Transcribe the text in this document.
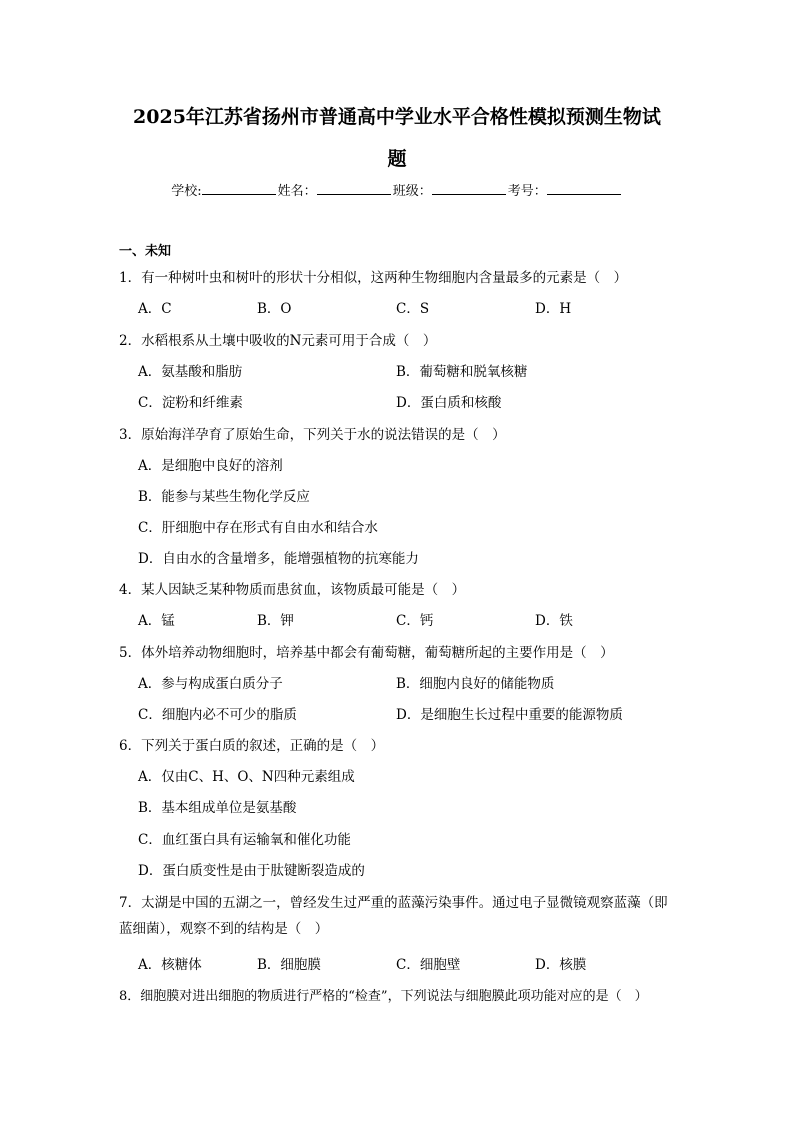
2025年江苏省扬州市普通高中学业水平合格性模拟预测生物试
题
学校:	姓名：	班级：	考号：
一、未知
1．有一种树叶虫和树叶的形状十分相似，这两种生物细胞内含量最多的元素是（　）
A．C	B．O	C．S	D．H
2．水稻根系从土壤中吸收的N元素可用于合成（　）
A．氨基酸和脂肪	B．葡萄糖和脱氧核糖
C．淀粉和纤维素	D．蛋白质和核酸
3．原始海洋孕育了原始生命，下列关于水的说法错误的是（　）
A．是细胞中良好的溶剂
B．能参与某些生物化学反应
C．肝细胞中存在形式有自由水和结合水
D．自由水的含量增多，能增强植物的抗寒能力
4．某人因缺乏某种物质而患贫血，该物质最可能是（　）
A．锰	B．钾	C．钙	D．铁
5．体外培养动物细胞时，培养基中都会有葡萄糖，葡萄糖所起的主要作用是（　）
A．参与构成蛋白质分子	B．细胞内良好的储能物质
C．细胞内必不可少的脂质	D．是细胞生长过程中重要的能源物质
6．下列关于蛋白质的叙述，正确的是（　）
A．仅由C、H、O、N四种元素组成
B．基本组成单位是氨基酸
C．血红蛋白具有运输氧和催化功能
D．蛋白质变性是由于肽键断裂造成的
7．太湖是中国的五湖之一，曾经发生过严重的蓝藻污染事件。通过电子显微镜观察蓝藻（即蓝细菌），观察不到的结构是（　）
A．核糖体	B．细胞膜	C．细胞壁	D．核膜
8．细胞膜对进出细胞的物质进行严格的“检查”，下列说法与细胞膜此项功能对应的是（　）
